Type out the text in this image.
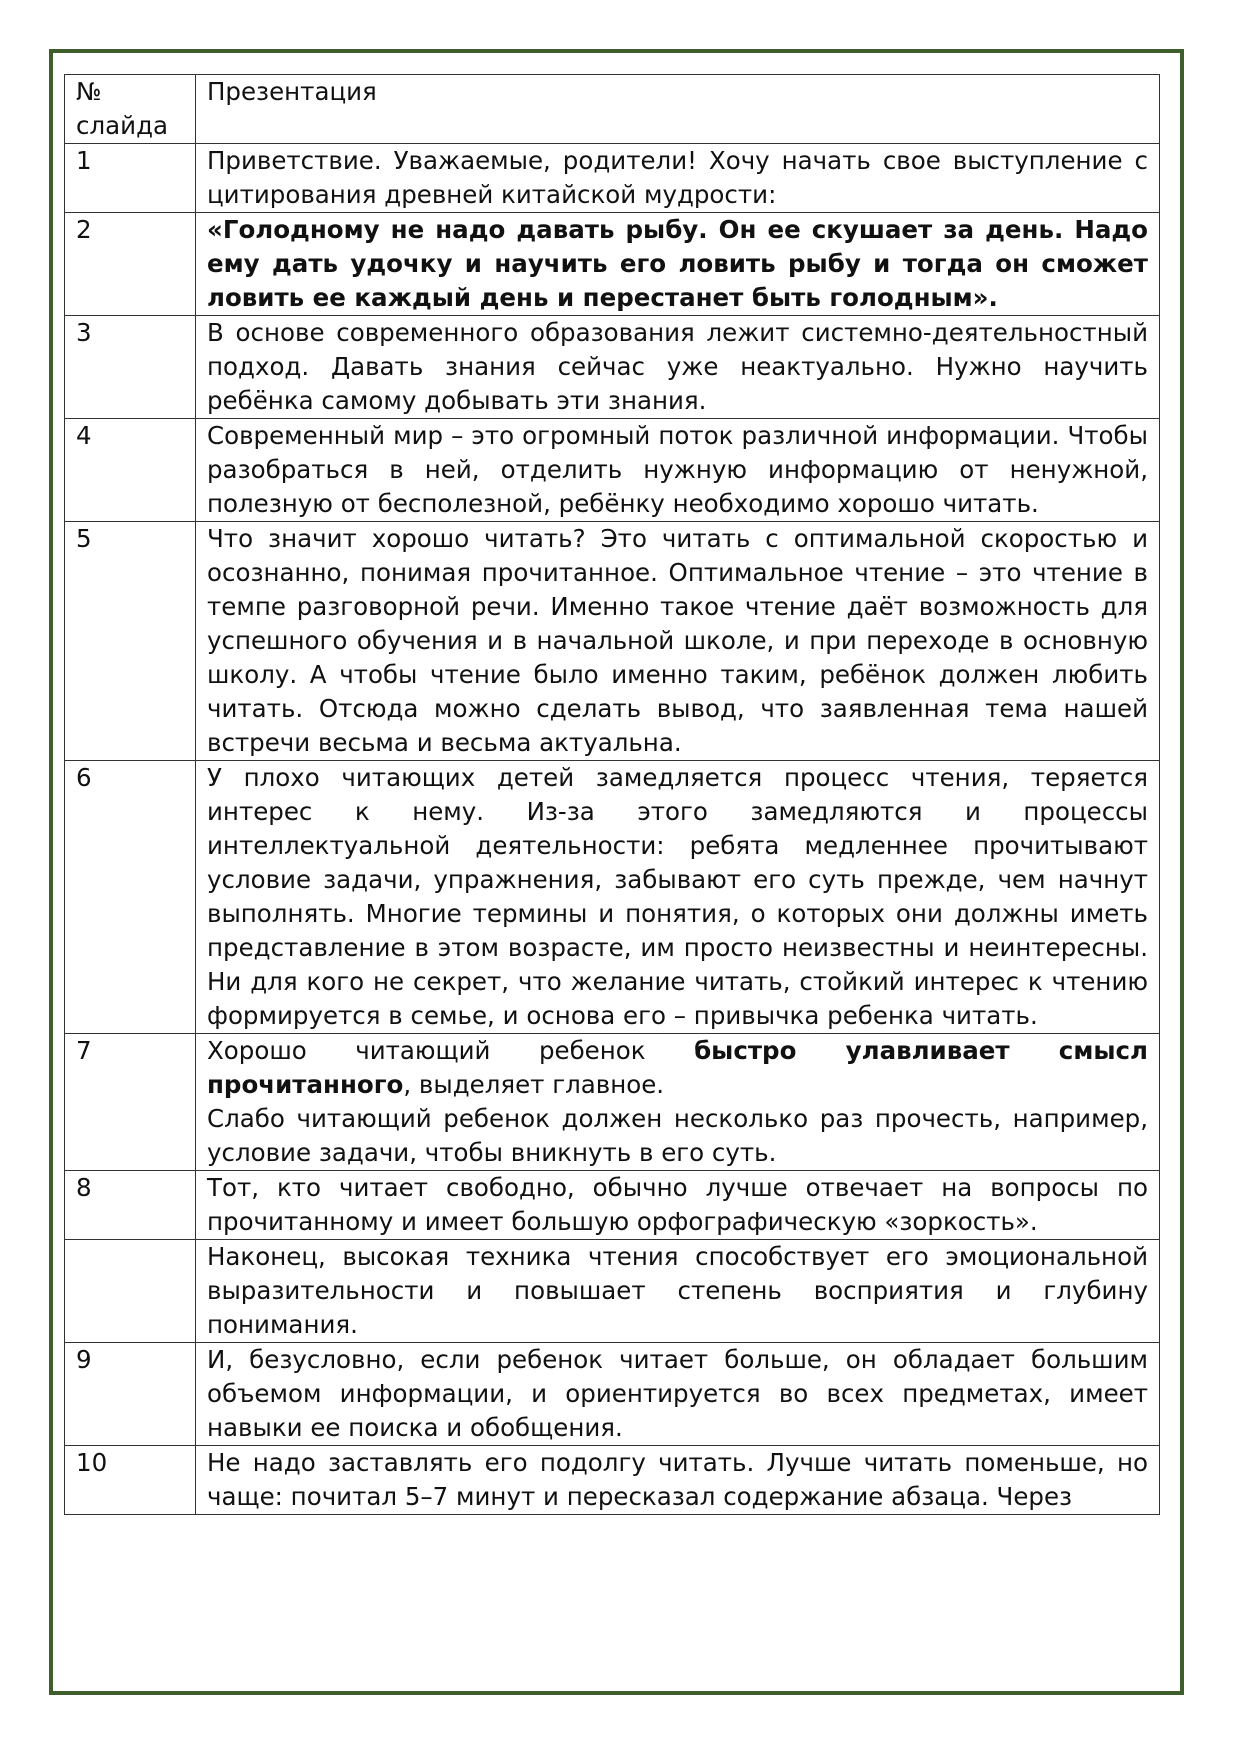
№ слайда	Презентация
1	Приветствие. Уважаемые, родители! Хочу начать свое выступление с цитирования древней китайской мудрости:
2	«Голодному не надо давать рыбу. Он ее скушает за день. Надо ему дать удочку и научить его ловить рыбу и тогда он сможет ловить ее каждый день и перестанет быть голодным».
3	В основе современного образования лежит системно-деятельностный подход. Давать знания сейчас уже неактуально. Нужно научить ребёнка самому добывать эти знания.
4	Современный мир – это огромный поток различной информации. Чтобы разобраться в ней, отделить нужную информацию от ненужной, полезную от бесполезной, ребёнку необходимо хорошо читать.
5	Что значит хорошо читать? Это читать с оптимальной скоростью и осознанно, понимая прочитанное. Оптимальное чтение – это чтение в темпе разговорной речи. Именно такое чтение даёт возможность для успешного обучения и в начальной школе, и при переходе в основную школу. А чтобы чтение было именно таким, ребёнок должен любить читать. Отсюда можно сделать вывод, что заявленная тема нашей встречи весьма и весьма актуальна.
6	У плохо читающих детей замедляется процесс чтения, теряется интерес к нему. Из-за этого замедляются и процессы интеллектуальной деятельности: ребята медленнее прочитывают условие задачи, упражнения, забывают его суть прежде, чем начнут выполнять. Многие термины и понятия, о которых они должны иметь представление в этом возрасте, им просто неизвестны и неинтересны. Ни для кого не секрет, что желание читать, стойкий интерес к чтению формируется в семье, и основа его – привычка ребенка читать.
7	Хорошо читающий ребенок быстро улавливает смысл прочитанного, выделяет главное.
Слабо читающий ребенок должен несколько раз прочесть, например, условие задачи, чтобы вникнуть в его суть.

8	Тот, кто читает свободно, обычно лучше отвечает на вопросы по прочитанному и имеет большую орфографическую «зоркость».
	Наконец, высокая техника чтения способствует его эмоциональной выразительности и повышает степень восприятия и глубину понимания.
9	И, безусловно, если ребенок читает больше, он обладает большим объемом информации, и ориентируется во всех предметах, имеет навыки ее поиска и обобщения.
10	Не надо заставлять его подолгу читать. Лучше читать поменьше, но чаще: почитал 5–7 минут и пересказал содержание абзаца. Через
